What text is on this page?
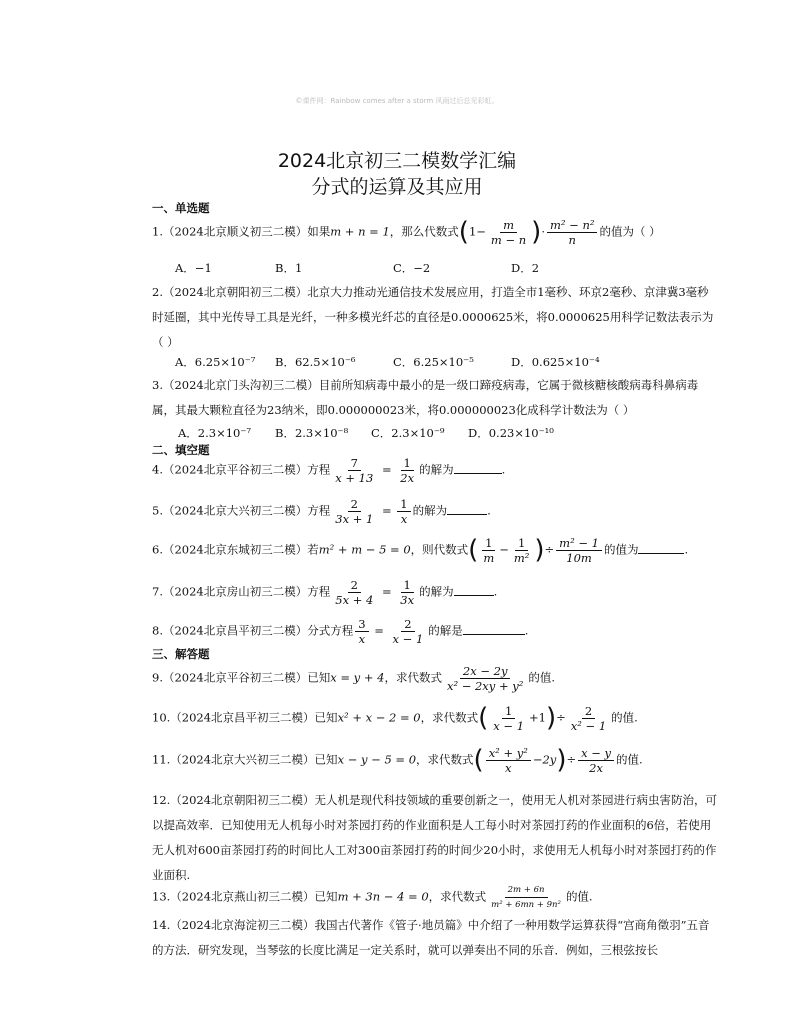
©课件网：Rainbow comes after a storm 风雨过后总见彩虹。
2024北京初三二模数学汇编
分式的运算及其应用
一、单选题
1.（2024北京顺义初三二模）如果m + n = 1，那么代数式($1- \frac{m}{m - n}$ )· $\frac{\text{m² − n²}}{n}$ 的值为（ ）
A．−1	B．1	C．−2	D．2
2.（2024北京朝阳初三二模）北京大力推动光通信技术发展应用，打造全市1毫秒、环京2毫秒、京津冀3毫秒时延圈，其中光传导工具是光纤，一种多模光纤芯的直径是0.0000625米，将0.0000625用科学记数法表示为（ ）
A．6.25×10⁻⁷ B．62.5×10⁻⁶	C．6.25×10⁻⁵	D．0.625×10⁻⁴
3.（2024北京门头沟初三二模）目前所知病毒中最小的是一级口蹄疫病毒，它属于微核糖核酸病毒科鼻病毒属，其最大颗粒直径为23纳米，即0.000000023米，将0.000000023化成科学计数法为（ ）
A．2.3×10⁻⁷ B．2.3×10⁻⁸ C．2.3×10⁻⁹ D．0.23×10⁻¹⁰
二、填空题
4.（2024北京平谷初三二模）方程 $\frac{7}{x + 13} = \frac{1}{2x}$ 的解为	.
5.（2024北京大兴初三二模）方程 $\frac{2}{3x + 1} = \frac{1}{x}$ 的解为	.
6.（2024北京东城初三二模）若m² + m − 5 = 0，则代数式( $\frac{1}{m} - \frac{1}{\text{m²}}$ )÷ $\frac{\text{m² − 1}}{10m}$ 的值为	.
7.（2024北京房山初三二模）方程 $\frac{2}{5x + 4} = \frac{1}{3x}$ 的解为	.
8.（2024北京昌平初三二模）分式方程 $\frac{3}{x} = \frac{2}{x - 1}$ 的解是	.
三、解答题
9.（2024北京平谷初三二模）已知x = y + 4，求代数式 $\frac{2x - 2y}{\text{x² − 2xy + y²}}$ 的值.
10.（2024北京昌平初三二模）已知x² + x − 2 = 0，求代数式( $\frac{1}{x - 1} +1)\div \frac{2}{\text{x² − 1}}$ 的值.
11.（2024北京大兴初三二模）已知x − y − 5 = 0，求代数式( $\frac{\text{x² + y²}}{x} -2y)\div \frac{x - y}{2x}$ 的值.
12.（2024北京朝阳初三二模）无人机是现代科技领域的重要创新之一，使用无人机对茶园进行病虫害防治，可以提高效率．已知使用无人机每小时对茶园打药的作业面积是人工每小时对茶园打药的作业面积的6倍，若使用无人机对600亩茶园打药的时间比人工对300亩茶园打药的时间少20小时，求使用无人机每小时对茶园打药的作业面积.
13.（2024北京燕山初三二模）已知m + 3n − 4 = 0，求代数式 $\frac{2m + 6n}{\text{m² + 6mn + 9n²}}$ 的值.
14.（2024北京海淀初三二模）我国古代著作《管子·地员篇》中介绍了一种用数学运算获得“宫商角徵羽”五音的方法．研究发现，当琴弦的长度比满足一定关系时，就可以弹奏出不同的乐音．例如，三根弦按长
